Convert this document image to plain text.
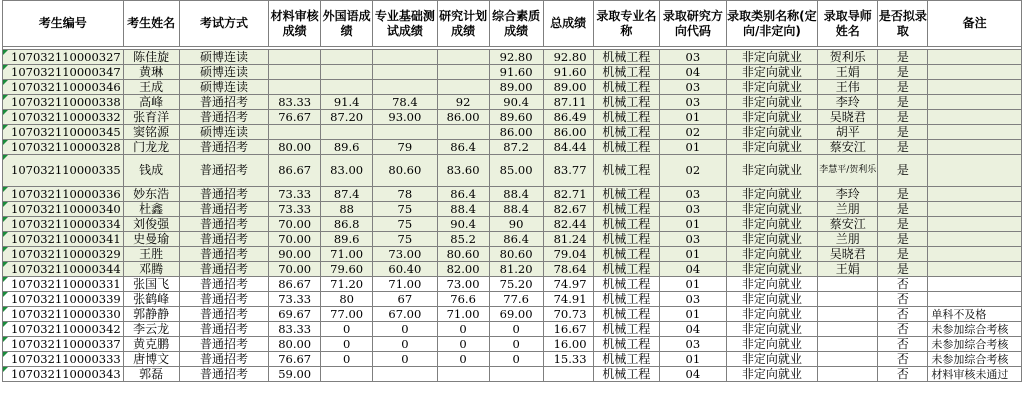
考生编号	考生姓名	考试方式	材料审核成绩	外国语成绩	专业基础测试成绩	研究计划成绩	综合素质成绩	总成绩	录取专业名称	录取研究方向代码	录取类别名称(定向/非定向)	录取导师姓名	是否拟录取	备注

107032110000327	陈佳旋	硕博连读					92.80	92.80	机械工程	03	非定向就业	贺利乐	是	
107032110000347	黄琳	硕博连读					91.60	91.60	机械工程	04	非定向就业	王娟	是	
107032110000346	王成	硕博连读					89.00	89.00	机械工程	03	非定向就业	王伟	是	
107032110000338	高峰	普通招考	83.33	91.4	78.4	92	90.4	87.11	机械工程	03	非定向就业	李玲	是	
107032110000332	张育洋	普通招考	76.67	87.20	93.00	86.00	89.60	86.49	机械工程	01	非定向就业	吴晓君	是	
107032110000345	窦铭源	硕博连读					86.00	86.00	机械工程	02	非定向就业	胡平	是	
107032110000328	门龙龙	普通招考	80.00	89.6	79	86.4	87.2	84.44	机械工程	01	非定向就业	蔡安江	是	
107032110000335	钱成	普通招考	86.67	83.00	80.60	83.60	85.00	83.77	机械工程	02	非定向就业	李慧平/贺利乐	是	
107032110000336	妙东浩	普通招考	73.33	87.4	78	86.4	88.4	82.71	机械工程	03	非定向就业	李玲	是	
107032110000340	杜鑫	普通招考	73.33	88	75	88.4	88.4	82.67	机械工程	03	非定向就业	兰朋	是	
107032110000334	刘俊强	普通招考	70.00	86.8	75	90.4	90	82.44	机械工程	01	非定向就业	蔡安江	是	
107032110000341	史曼瑜	普通招考	70.00	89.6	75	85.2	86.4	81.24	机械工程	03	非定向就业	兰朋	是	
107032110000329	王胜	普通招考	90.00	71.00	73.00	80.60	80.60	79.04	机械工程	01	非定向就业	吴晓君	是	
107032110000344	邓腾	普通招考	70.00	79.60	60.40	82.00	81.20	78.64	机械工程	04	非定向就业	王娟	是	
107032110000331	张国飞	普通招考	86.67	71.20	71.00	73.00	75.20	74.97	机械工程	01	非定向就业		否	
107032110000339	张鹤峰	普通招考	73.33	80	67	76.6	77.6	74.91	机械工程	03	非定向就业		否	
107032110000330	郭静静	普通招考	69.67	77.00	67.00	71.00	69.00	70.73	机械工程	01	非定向就业		否	单科不及格
107032110000342	李云龙	普通招考	83.33	0	0	0	0	16.67	机械工程	04	非定向就业		否	未参加综合考核
107032110000337	黄克鹏	普通招考	80.00	0	0	0	0	16.00	机械工程	03	非定向就业		否	未参加综合考核
107032110000333	唐博文	普通招考	76.67	0	0	0	0	15.33	机械工程	01	非定向就业		否	未参加综合考核
107032110000343	郭磊	普通招考	59.00						机械工程	04	非定向就业		否	材料审核未通过
